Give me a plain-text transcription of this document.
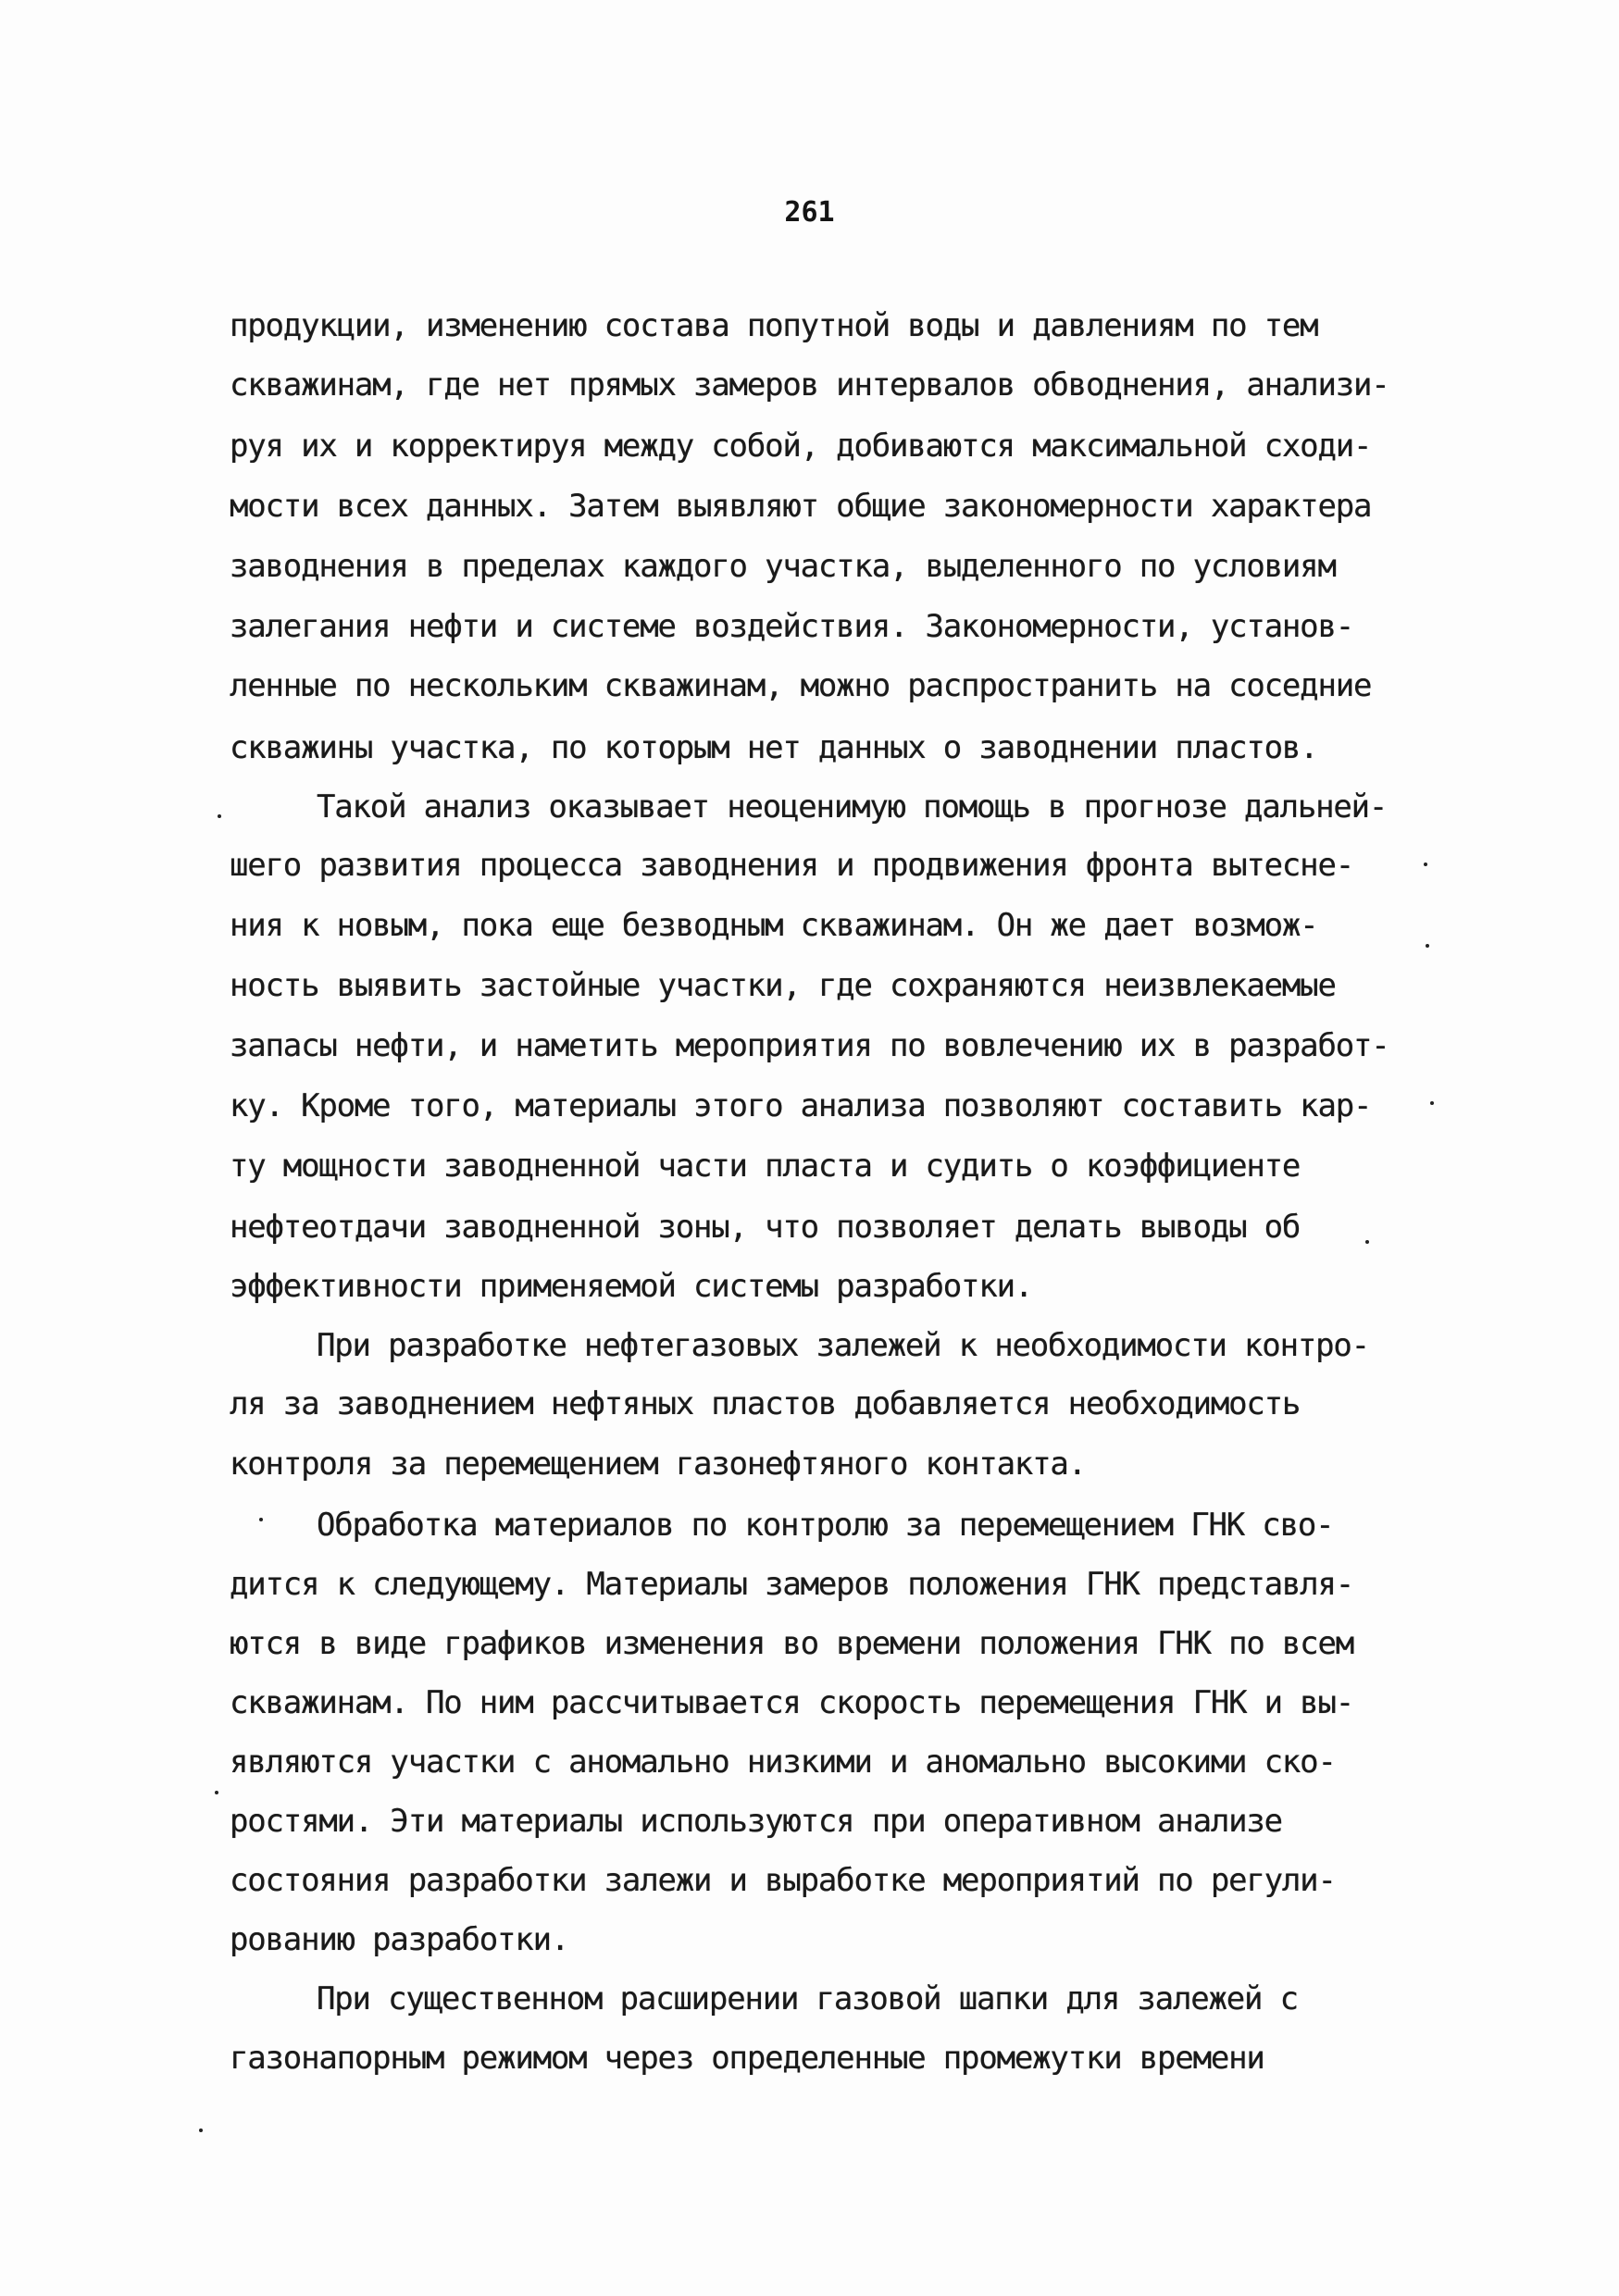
261
продукции, изменению состава попутной воды и давлениям по тем
скважинам, где нет прямых замеров интервалов обводнения, анализи-
руя их и корректируя между собой, добиваются максимальной сходи-
мости всех данных. Затем выявляют общие закономерности характера
заводнения в пределах каждого участка, выделенного по условиям
залегания нефти и системе воздействия. Закономерности, установ-
ленные по нескольким скважинам, можно распространить на соседние
скважины участка, по которым нет данных о заводнении пластов.
Такой анализ оказывает неоценимую помощь в прогнозе дальней-
шего развития процесса заводнения и продвижения фронта вытесне-
ния к новым, пока еще безводным скважинам. Он же дает возмож-
ность выявить застойные участки, где сохраняются неизвлекаемые
запасы нефти, и наметить мероприятия по вовлечению их в разработ-
ку. Кроме того, материалы этого анализа позволяют составить кар-
ту мощности заводненной части пласта и судить о коэффициенте
нефтеотдачи заводненной зоны, что позволяет делать выводы об
эффективности применяемой системы разработки.
При разработке нефтегазовых залежей к необходимости контро-
ля за заводнением нефтяных пластов добавляется необходимость
контроля за перемещением газонефтяного контакта.
Обработка материалов по контролю за перемещением ГНК сво-
дится к следующему. Материалы замеров положения ГНК представля-
ются в виде графиков изменения во времени положения ГНК по всем
скважинам. По ним рассчитывается скорость перемещения ГНК и вы-
являются участки с аномально низкими и аномально высокими ско-
ростями. Эти материалы используются при оперативном анализе
состояния разработки залежи и выработке мероприятий по регули-
рованию разработки.
При существенном расширении газовой шапки для залежей с
газонапорным режимом через определенные промежутки времени
